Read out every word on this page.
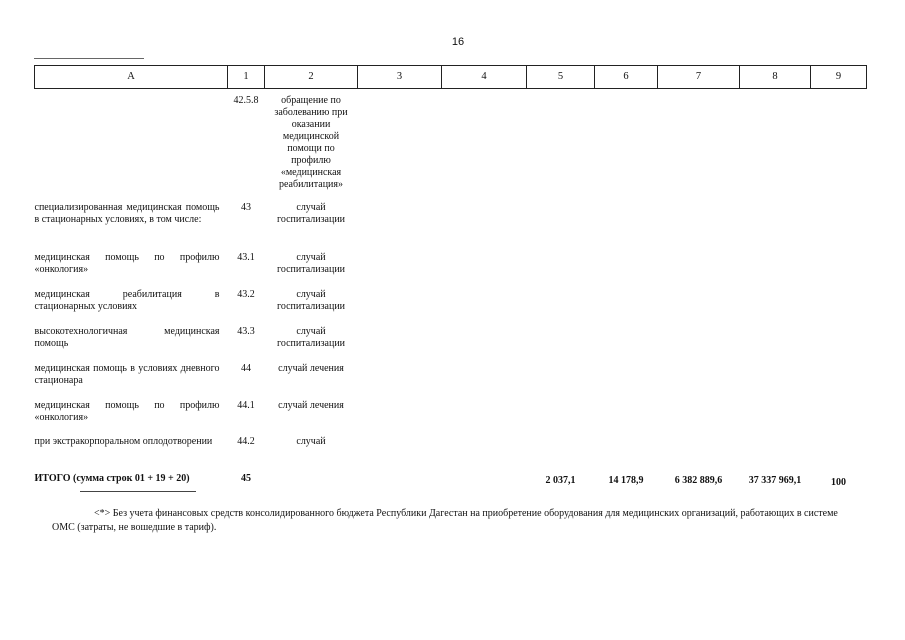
16
А	1	2	3	4	5	6	7	8	9
	42.5.8	обращение по заболеванию при оказании медицинской помощи по профилю «медицинская реабилитация»							
специализированная медицинская помощь в стационарных условиях, в том числе:	43	случай госпитализации							
медицинская помощь по профилю «онкология»	43.1	случай госпитализации							
медицинская реабилитация в стационарных условиях	43.2	случай госпитализации							
высокотехнологичная медицинская помощь	43.3	случай госпитализации							
медицинская помощь в условиях дневного стационара	44	случай лечения							
медицинская помощь по профилю «онкология»	44.1	случай лечения							
при экстракорпоральном оплодотворении	44.2	случай							
ИТОГО (сумма строк 01 + 19 + 20)	45				2 037,1	14 178,9	6 382 889,6	37 337 969,1	100
<*> Без учета финансовых средств консолидированного бюджета Республики Дагестан на приобретение оборудования для медицинских организаций, работающих в системе ОМС (затраты, не вошедшие в тариф).
